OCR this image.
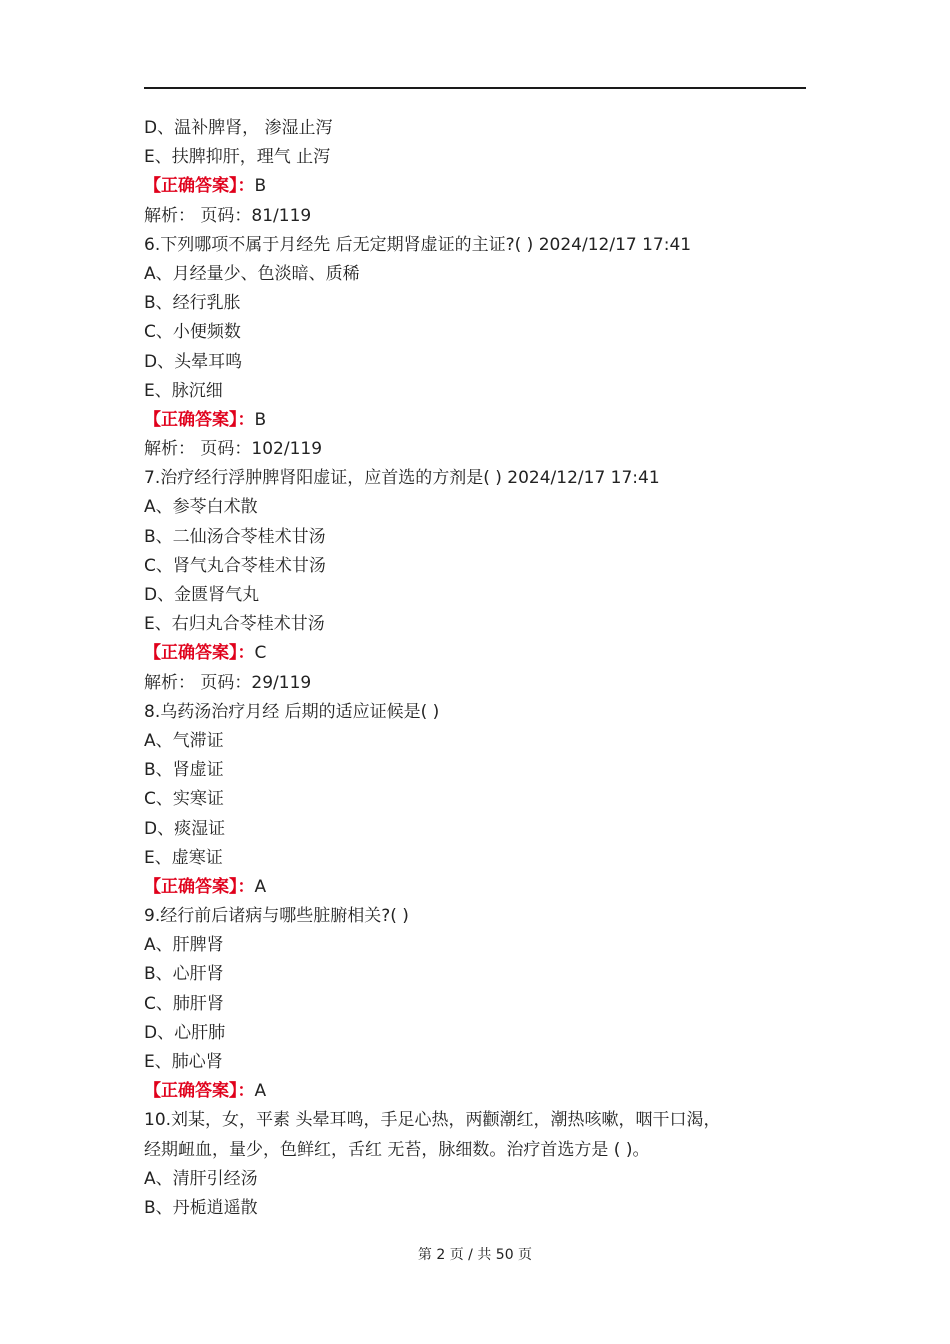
D、温补脾肾， 渗湿止泻
E、扶脾抑肝，理气 止泻
【正确答案】：B
解析： 页码：81/119
6.下列哪项不属于月经先 后无定期肾虚证的主证?( ) 2024/12/17 17:41
A、月经量少、色淡暗、质稀
B、经行乳胀
C、小便频数
D、头晕耳鸣
E、脉沉细
【正确答案】：B
解析： 页码：102/119
7.治疗经行浮肿脾肾阳虚证，应首选的方剂是( ) 2024/12/17 17:41
A、参苓白术散
B、二仙汤合苓桂术甘汤
C、肾气丸合苓桂术甘汤
D、金匮肾气丸
E、右归丸合苓桂术甘汤
【正确答案】：C
解析： 页码：29/119
8.乌药汤治疗月经 后期的适应证候是( )
A、气滞证
B、肾虚证
C、实寒证
D、痰湿证
E、虚寒证
【正确答案】：A
9.经行前后诸病与哪些脏腑相关?( )
A、肝脾肾
B、心肝肾
C、肺肝肾
D、心肝肺
E、肺心肾
【正确答案】：A
10.刘某，女，平素 头晕耳鸣，手足心热，两颧潮红，潮热咳嗽，咽干口渴，
经期衄血，量少，色鲜红，舌红 无苔，脉细数。治疗首选方是 ( )。
A、清肝引经汤
B、丹栀逍遥散
第 2 页 / 共 50 页
